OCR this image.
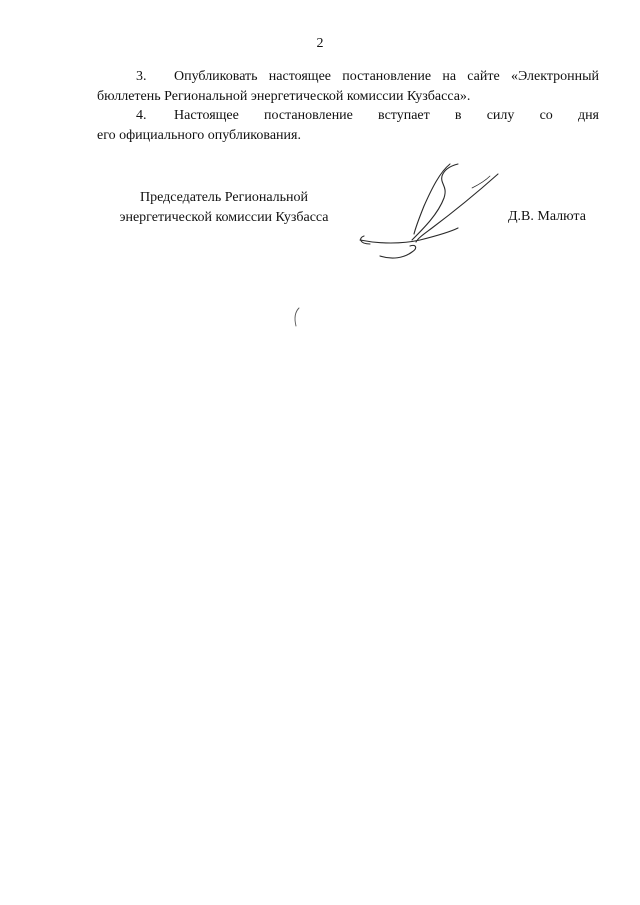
2

3. Опубликовать настоящее постановление на сайте «Электронный
бюллетень Региональной энергетической комиссии Кузбасса».

4. Настоящее постановление вступает в силу со дня
его официального опубликования.

Председатель Региональной
энергетической комиссии Кузбасса	Д.В. Малюта
